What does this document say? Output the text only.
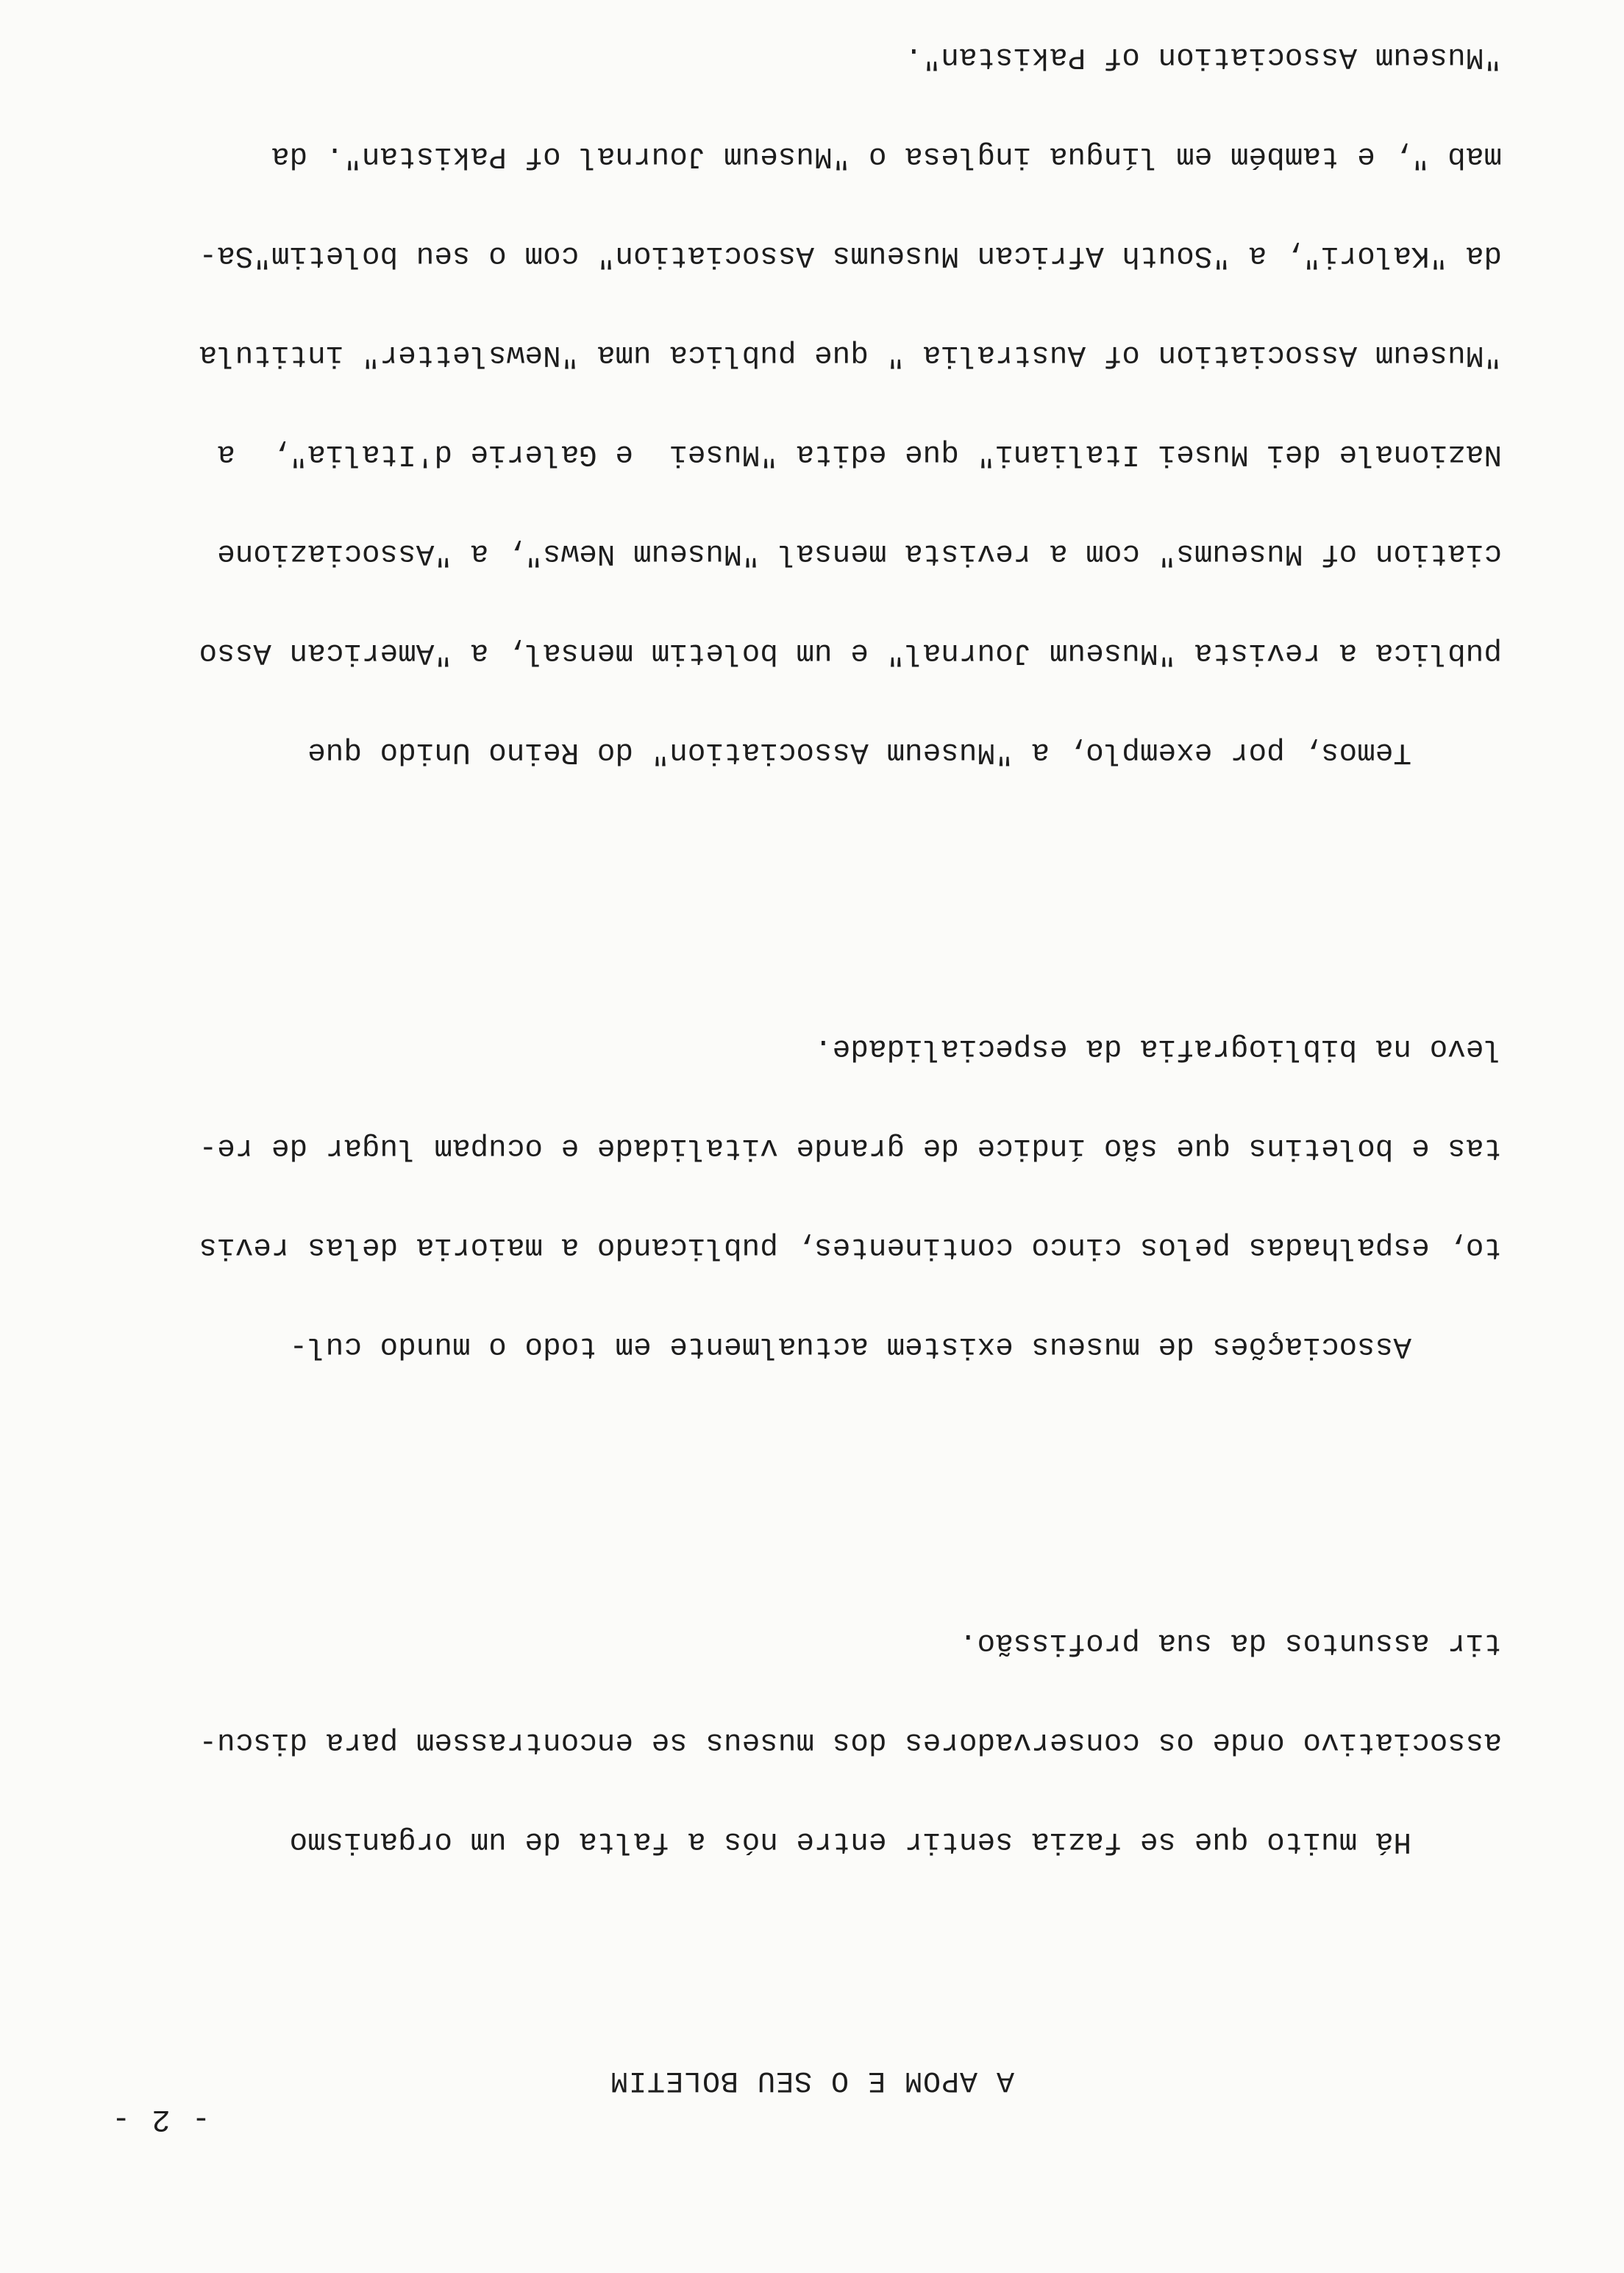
- 2 -
A APOM E O SEU BOLETIM

Há muito que se fazia sentir entre nós a falta de um organismo

associativo onde os conservadores dos museus se encontrassem para discu-

tir assuntos da sua profissão.

Associações de museus existem actualmente em todo o mundo cul-

to, espalhadas pelos cinco continentes, publicando a maioria delas revis

tas e boletins que são índice de grande vitalidade e ocupam lugar de re-

levo na bibliografia da especialidade.

Temos, por exemplo, a "Museum Association" do Reino Unido que

publica a revista "Museum Journal" e um boletim mensal, a "American Asso

ciation of Museums" com a revista mensal "Museum News", a "Associazione

Nazionale dei Musei Italiani" que edita "Musei  e Galerie d'Italia",  a

"Museum Association of Australia " que publica uma "Newsletter" intitula

da "Kalori", a "South African Museums Association" com o seu boletim"Sa-

mab ", e também em língua inglesa o "Museum Journal of Pakistan". da

"Museum Association of Pakistan".
